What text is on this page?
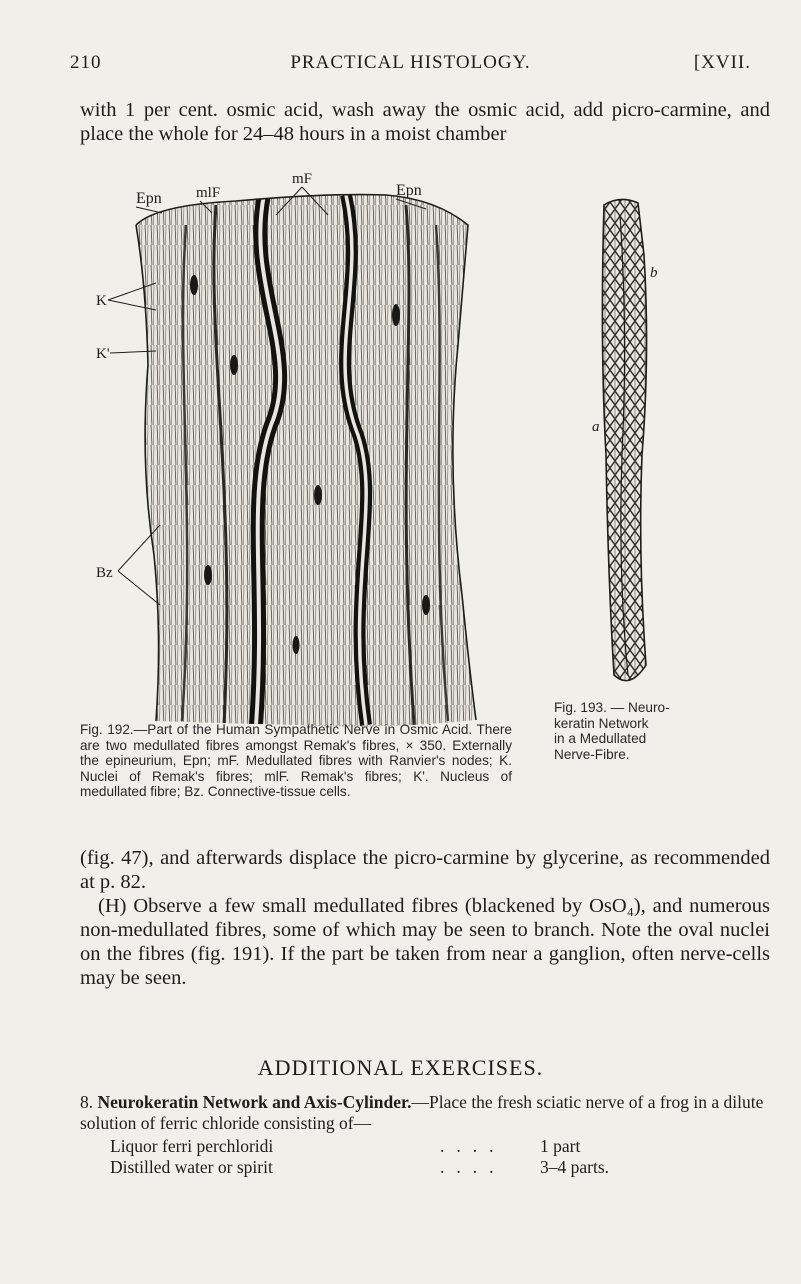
210	PRACTICAL HISTOLOGY.	[XVII.

with 1 per cent. osmic acid, wash away the osmic acid, add picro-carmine, and place the whole for 24–48 hours in a moist chamber

Epn mlF
mF
Epn
K
K'
Bz
b
a
Fig. 192.—Part of the Human Sympathetic Nerve in Osmic Acid. There are two medullated fibres amongst Remak's fibres, × 350. Externally the epineurium, Epn; mF. Medullated fibres with Ranvier's nodes; K. Nuclei of Remak's fibres; mlF. Remak's fibres; K'. Nucleus of medullated fibre; Bz. Connective-tissue cells.
Fig. 193. — Neuro-
keratin Network
in a Medullated
Nerve-Fibre.

(fig. 47), and afterwards displace the picro-carmine by glycerine, as recommended at p. 82.

(H) Observe a few small medullated fibres (blackened by OsO₄), and numerous non-medullated fibres, some of which may be seen to branch. Note the oval nuclei on the fibres (fig. 191). If the part be taken from near a ganglion, often nerve-cells may be seen.

ADDITIONAL EXERCISES.
8. Neurokeratin Network and Axis-Cylinder.—Place the fresh sciatic nerve of a frog in a dilute solution of ferric chloride consisting of—
Liquor ferri perchloridi	.... 1 part
Distilled water or spirit	.... 3–4 parts.
